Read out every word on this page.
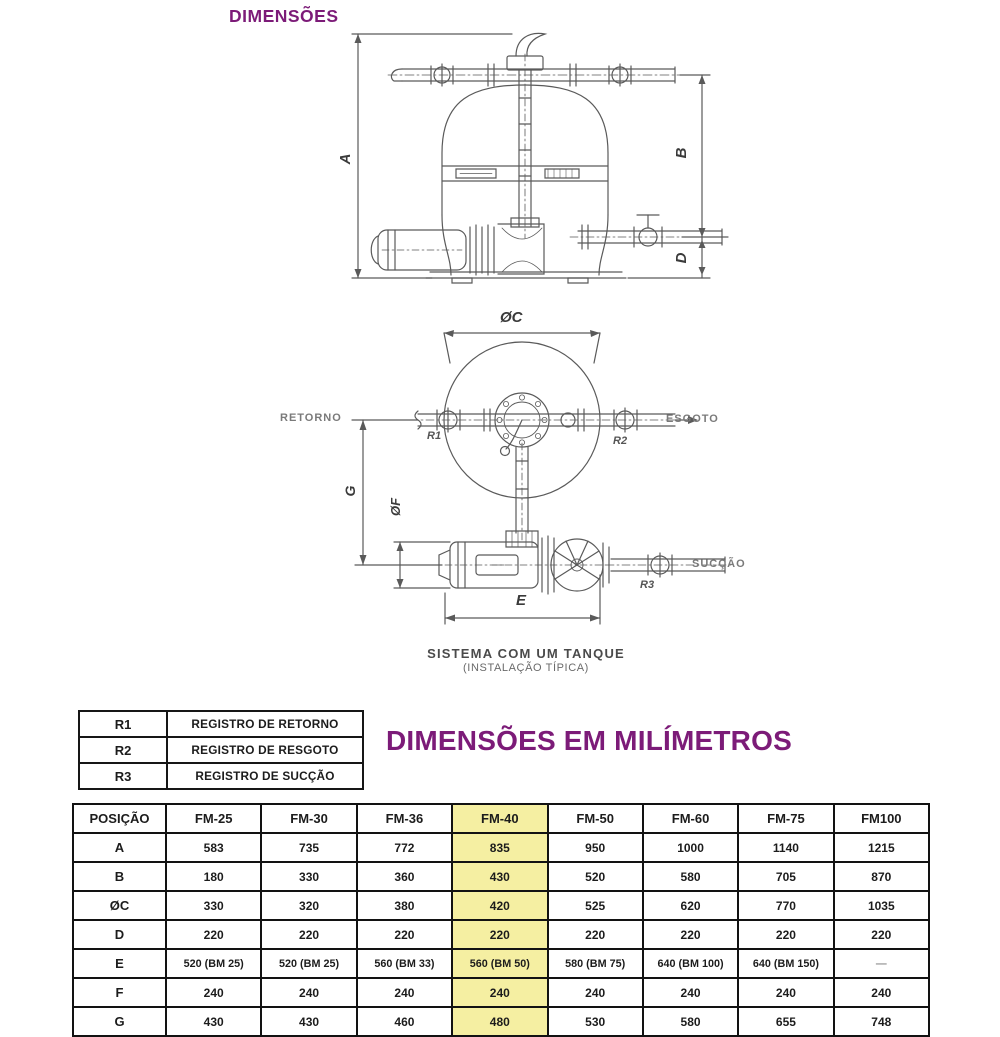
DIMENSÕES
A
B
D
ØC
G
ØF
E
RETORNO	ESGOTO
SUCÇÃO
R1	R2
R3
SISTEMA COM UM TANQUE
(INSTALAÇÃO TÍPICA)
R1	REGISTRO DE RETORNO
R2	REGISTRO DE RESGOTO
R3	REGISTRO DE SUCÇÃO
DIMENSÕES EM MILÍMETROS
POSIÇÃO	FM-25	FM-30	FM-36	FM-40	FM-50	FM-60	FM-75	FM100
A	583	735	772	835	950	1000	1140	1215
B	180	330	360	430	520	580	705	870
ØC	330	320	380	420	525	620	770	1035
D	220	220	220	220	220	220	220	220
E	520 (BM 25)	520 (BM 25)	560 (BM 33)	560 (BM 50)	580 (BM 75)	640 (BM 100)	640 (BM 150)	—
F	240	240	240	240	240	240	240	240
G	430	430	460	480	530	580	655	748
